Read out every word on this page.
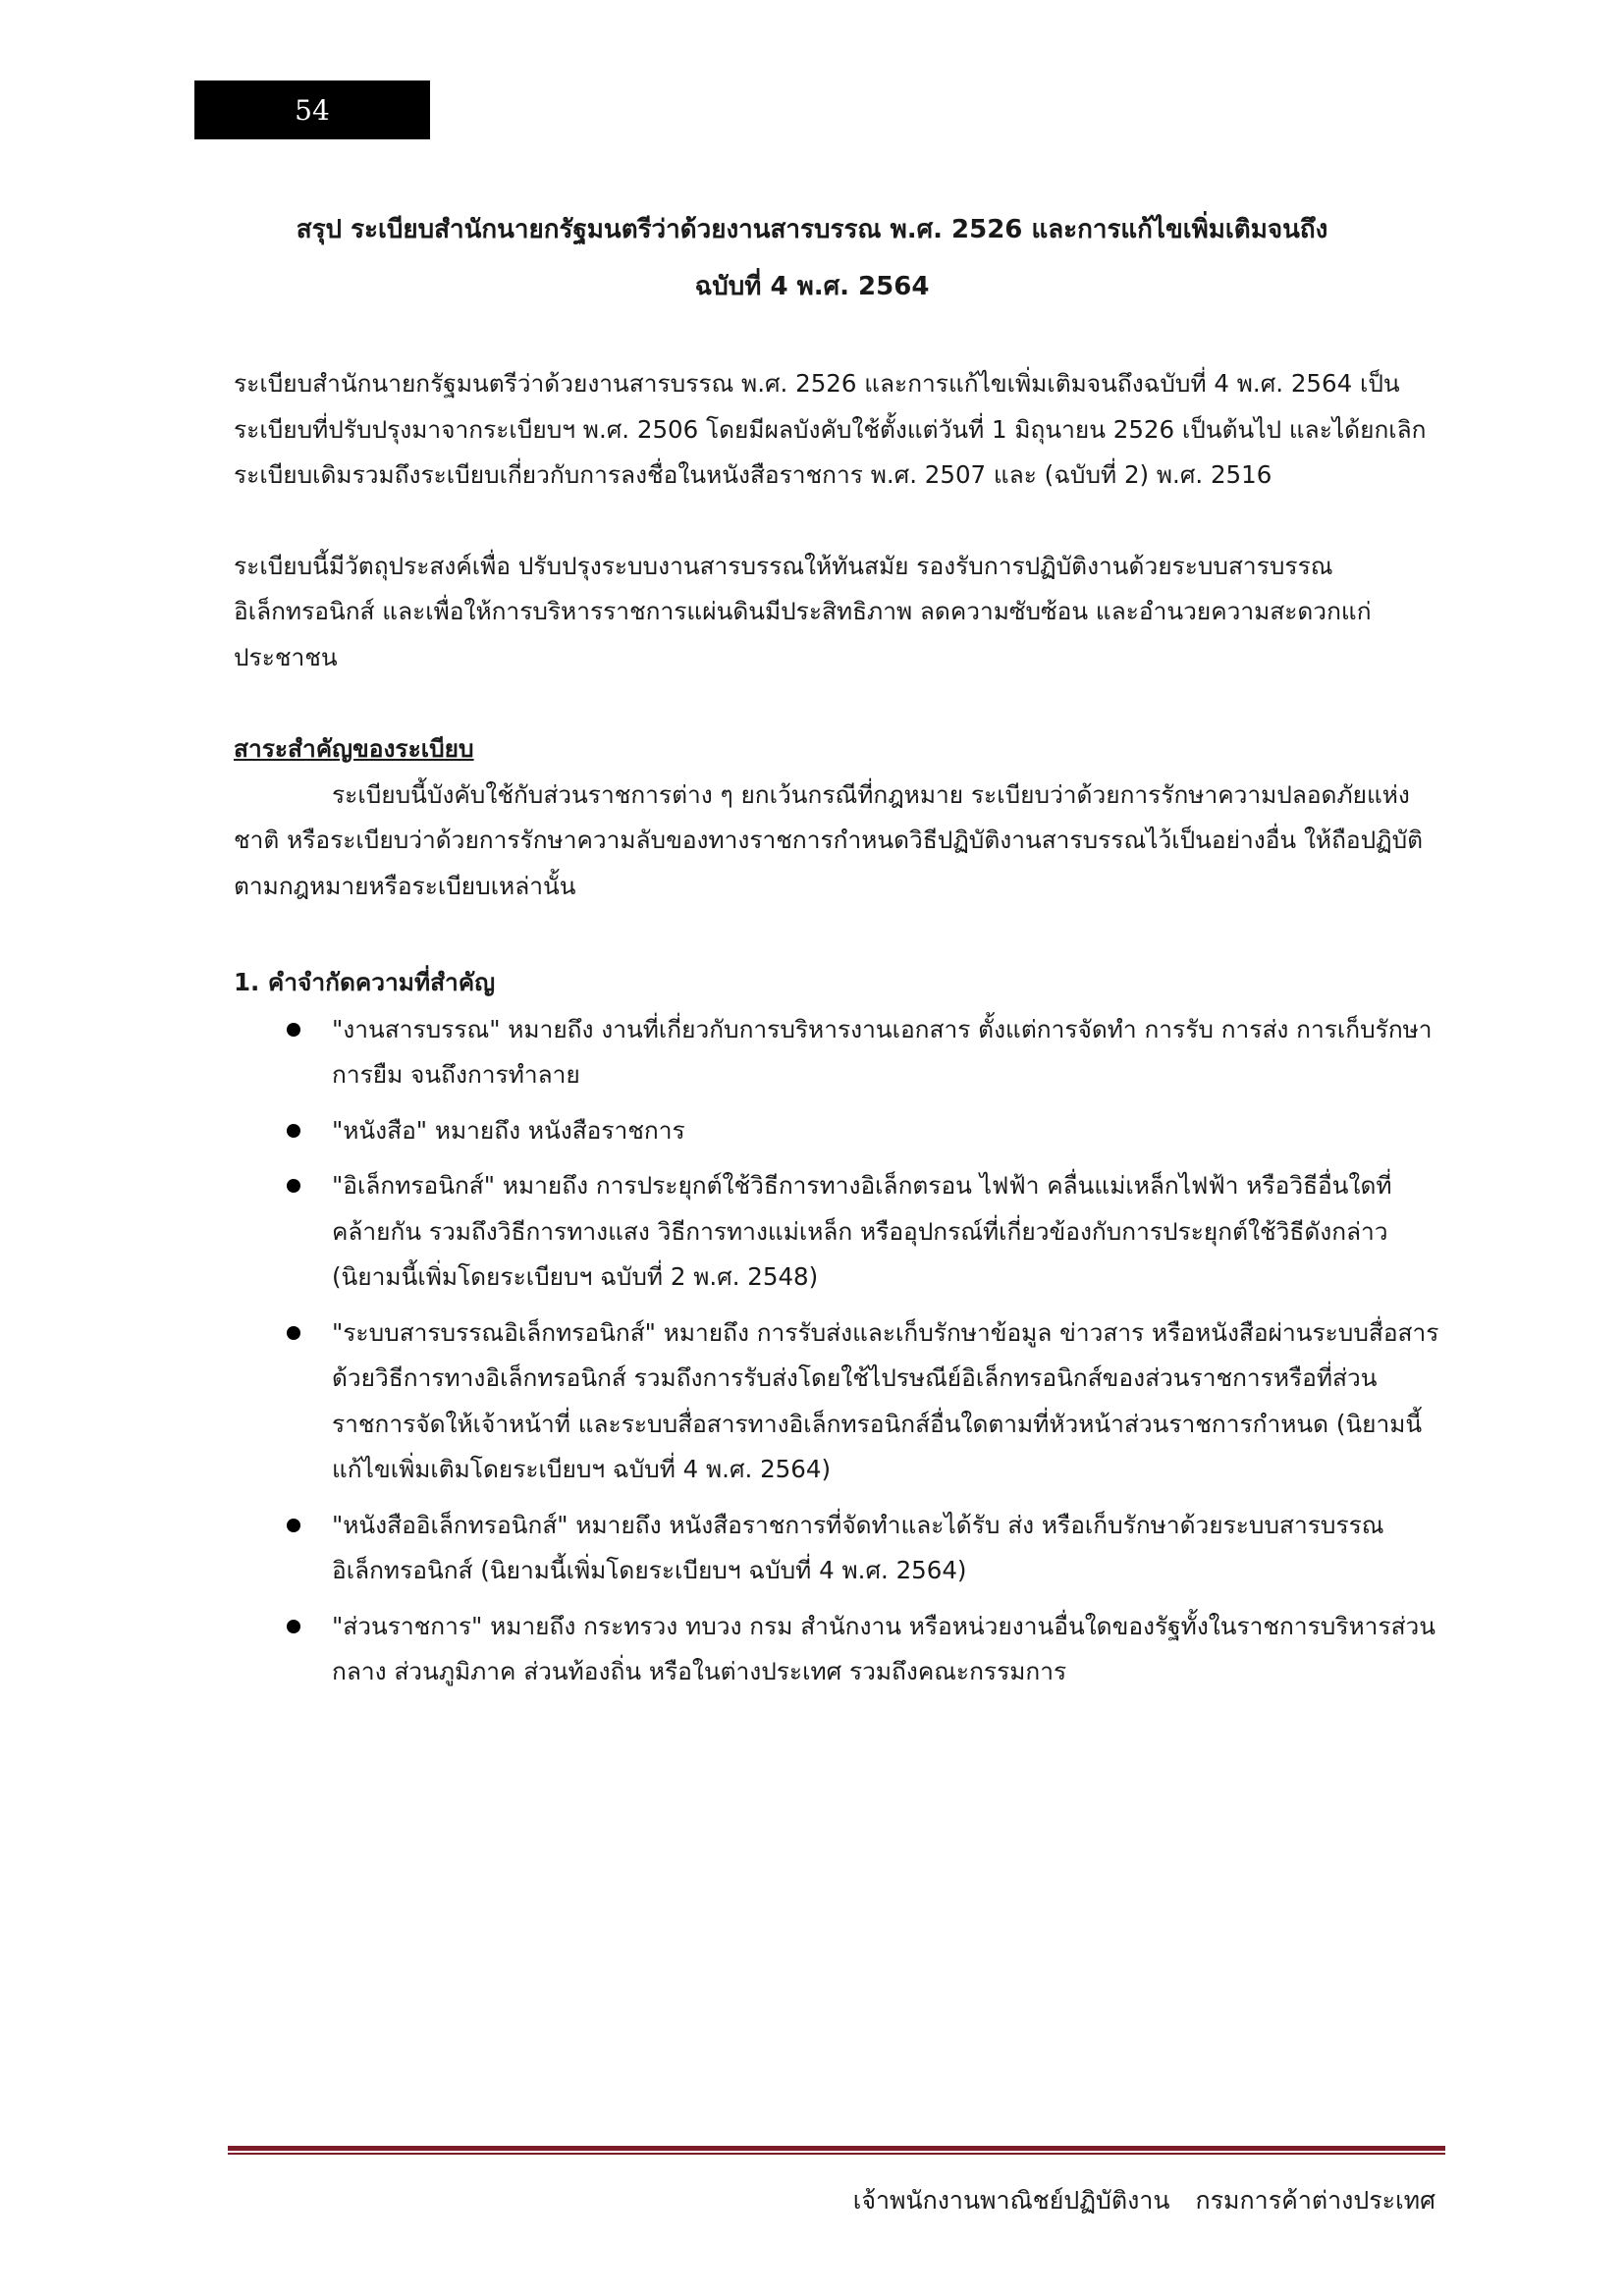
54
สรุป ระเบียบสำนักนายกรัฐมนตรีว่าด้วยงานสารบรรณ พ.ศ. 2526 และการแก้ไขเพิ่มเติมจนถึง
ฉบับที่ 4 พ.ศ. 2564

ระเบียบสำนักนายกรัฐมนตรีว่าด้วยงานสารบรรณ พ.ศ. 2526 และการแก้ไขเพิ่มเติมจนถึงฉบับที่ 4 พ.ศ. 2564 เป็นระเบียบที่ปรับปรุงมาจากระเบียบฯ พ.ศ. 2506 โดยมีผลบังคับใช้ตั้งแต่วันที่ 1 มิถุนายน 2526 เป็นต้นไป และได้ยกเลิกระเบียบเดิมรวมถึงระเบียบเกี่ยวกับการลงชื่อในหนังสือราชการ พ.ศ. 2507 และ (ฉบับที่ 2) พ.ศ. 2516

ระเบียบนี้มีวัตถุประสงค์เพื่อ ปรับปรุงระบบงานสารบรรณให้ทันสมัย รองรับการปฏิบัติงานด้วยระบบสารบรรณอิเล็กทรอนิกส์ และเพื่อให้การบริหารราชการแผ่นดินมีประสิทธิภาพ ลดความซับซ้อน และอำนวยความสะดวกแก่ประชาชน

สาระสำคัญของระเบียบ

ระเบียบนี้บังคับใช้กับส่วนราชการต่าง ๆ ยกเว้นกรณีที่กฎหมาย ระเบียบว่าด้วยการรักษาความปลอดภัยแห่งชาติ หรือระเบียบว่าด้วยการรักษาความลับของทางราชการกำหนดวิธีปฏิบัติงานสารบรรณไว้เป็นอย่างอื่น ให้ถือปฏิบัติตามกฎหมายหรือระเบียบเหล่านั้น

1. คำจำกัดความที่สำคัญ

"งานสารบรรณ" หมายถึง งานที่เกี่ยวกับการบริหารงานเอกสาร ตั้งแต่การจัดทำ การรับ การส่ง การเก็บรักษา การยืม จนถึงการทำลาย
"หนังสือ" หมายถึง หนังสือราชการ
"อิเล็กทรอนิกส์" หมายถึง การประยุกต์ใช้วิธีการทางอิเล็กตรอน ไฟฟ้า คลื่นแม่เหล็กไฟฟ้า หรือวิธีอื่นใดที่คล้ายกัน รวมถึงวิธีการทางแสง วิธีการทางแม่เหล็ก หรืออุปกรณ์ที่เกี่ยวข้องกับการประยุกต์ใช้วิธีดังกล่าว (นิยามนี้เพิ่มโดยระเบียบฯ ฉบับที่ 2 พ.ศ. 2548)
"ระบบสารบรรณอิเล็กทรอนิกส์" หมายถึง การรับส่งและเก็บรักษาข้อมูล ข่าวสาร หรือหนังสือผ่านระบบสื่อสารด้วยวิธีการทางอิเล็กทรอนิกส์ รวมถึงการรับส่งโดยใช้ไปรษณีย์อิเล็กทรอนิกส์ของส่วนราชการหรือที่ส่วนราชการจัดให้เจ้าหน้าที่ และระบบสื่อสารทางอิเล็กทรอนิกส์อื่นใดตามที่หัวหน้าส่วนราชการกำหนด (นิยามนี้แก้ไขเพิ่มเติมโดยระเบียบฯ ฉบับที่ 4 พ.ศ. 2564)
"หนังสืออิเล็กทรอนิกส์" หมายถึง หนังสือราชการที่จัดทำและได้รับ ส่ง หรือเก็บรักษาด้วยระบบสารบรรณอิเล็กทรอนิกส์ (นิยามนี้เพิ่มโดยระเบียบฯ ฉบับที่ 4 พ.ศ. 2564)
"ส่วนราชการ" หมายถึง กระทรวง ทบวง กรม สำนักงาน หรือหน่วยงานอื่นใดของรัฐทั้งในราชการบริหารส่วนกลาง ส่วนภูมิภาค ส่วนท้องถิ่น หรือในต่างประเทศ รวมถึงคณะกรรมการ
เจ้าพนักงานพาณิชย์ปฏิบัติงาน กรมการค้าต่างประเทศ
